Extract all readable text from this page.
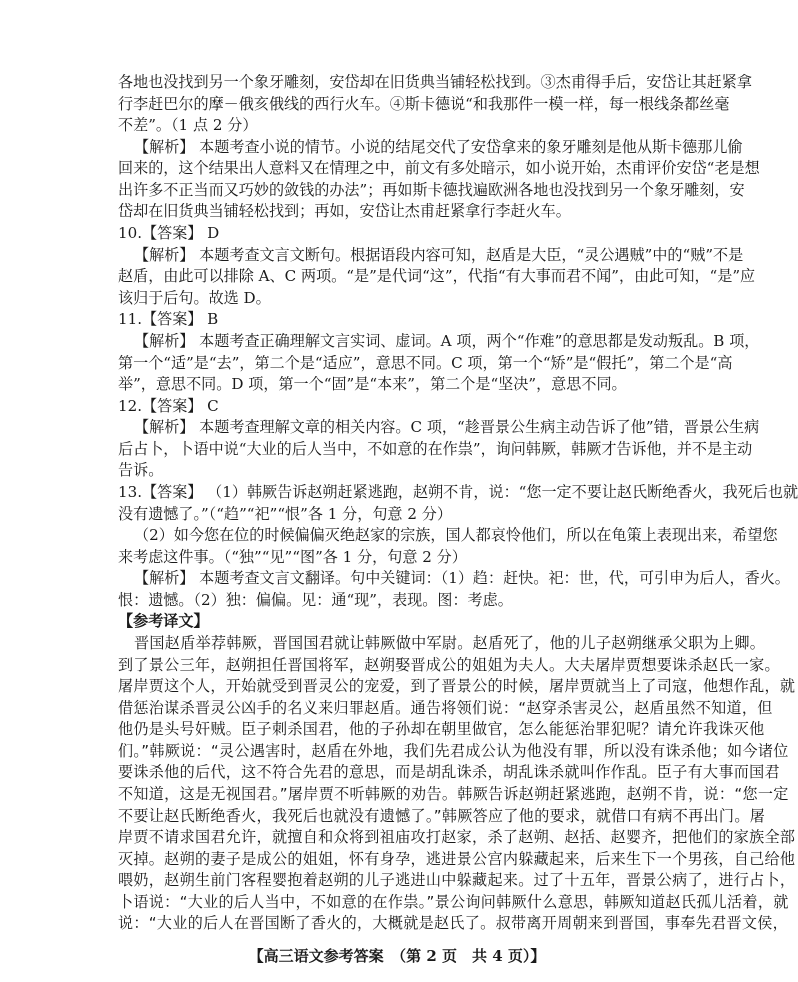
各地也没找到另一个象牙雕刻，安岱却在旧货典当铺轻松找到。③杰甫得手后，安岱让其赶紧拿
行李赶巴尔的摩－俄亥俄线的西行火车。④斯卡德说“和我那件一模一样，每一根线条都丝毫
不差”。（1 点 2 分）
【解析】 本题考查小说的情节。小说的结尾交代了安岱拿来的象牙雕刻是他从斯卡德那儿偷
回来的，这个结果出人意料又在情理之中，前文有多处暗示，如小说开始，杰甫评价安岱“老是想
出许多不正当而又巧妙的敛钱的办法”；再如斯卡德找遍欧洲各地也没找到另一个象牙雕刻，安
岱却在旧货典当铺轻松找到；再如，安岱让杰甫赶紧拿行李赶火车。
10.【答案】 D
【解析】 本题考查文言文断句。根据语段内容可知，赵盾是大臣，“灵公遇贼”中的“贼”不是
赵盾，由此可以排除 A、C 两项。“是”是代词“这”，代指“有大事而君不闻”，由此可知，“是”应
该归于后句。故选 D。
11.【答案】 B
【解析】 本题考查正确理解文言实词、虚词。A 项，两个“作难”的意思都是发动叛乱。B 项，
第一个“适”是“去”，第二个是“适应”，意思不同。C 项，第一个“矫”是“假托”，第二个是“高
举”，意思不同。D 项，第一个“固”是“本来”，第二个是“坚决”，意思不同。
12.【答案】 C
【解析】 本题考查理解文章的相关内容。C 项，“趁晋景公生病主动告诉了他”错，晋景公生病
后占卜，卜语中说“大业的后人当中，不如意的在作祟”，询问韩厥，韩厥才告诉他，并不是主动
告诉。
13.【答案】 （1）韩厥告诉赵朔赶紧逃跑，赵朔不肯，说：“您一定不要让赵氏断绝香火，我死后也就
没有遗憾了。”（“趋”“祀”“恨”各 1 分，句意 2 分）
（2）如今您在位的时候偏偏灭绝赵家的宗族，国人都哀怜他们，所以在龟策上表现出来，希望您
来考虑这件事。（“独”“见”“图”各 1 分，句意 2 分）
【解析】 本题考查文言文翻译。句中关键词：（1）趋：赶快。祀：世，代，可引申为后人，香火。
恨：遗憾。（2）独：偏偏。见：通“现”，表现。图：考虑。
【参考译文】
晋国赵盾举荐韩厥，晋国国君就让韩厥做中军尉。赵盾死了，他的儿子赵朔继承父职为上卿。
到了景公三年，赵朔担任晋国将军，赵朔娶晋成公的姐姐为夫人。大夫屠岸贾想要诛杀赵氏一家。
屠岸贾这个人，开始就受到晋灵公的宠爱，到了晋景公的时候，屠岸贾就当上了司寇，他想作乱，就
借惩治谋杀晋灵公凶手的名义来归罪赵盾。通告将领们说：“赵穿杀害灵公，赵盾虽然不知道，但
他仍是头号奸贼。臣子刺杀国君，他的子孙却在朝里做官，怎么能惩治罪犯呢？请允许我诛灭他
们。”韩厥说：“灵公遇害时，赵盾在外地，我们先君成公认为他没有罪，所以没有诛杀他；如今诸位
要诛杀他的后代，这不符合先君的意思，而是胡乱诛杀，胡乱诛杀就叫作作乱。臣子有大事而国君
不知道，这是无视国君。”屠岸贾不听韩厥的劝告。韩厥告诉赵朔赶紧逃跑，赵朔不肯，说：“您一定
不要让赵氏断绝香火，我死后也就没有遗憾了。”韩厥答应了他的要求，就借口有病不再出门。屠
岸贾不请求国君允许，就擅自和众将到祖庙攻打赵家，杀了赵朔、赵括、赵婴齐，把他们的家族全部
灭掉。赵朔的妻子是成公的姐姐，怀有身孕，逃进景公宫内躲藏起来，后来生下一个男孩，自己给他
喂奶，赵朔生前门客程婴抱着赵朔的儿子逃进山中躲藏起来。过了十五年，晋景公病了，进行占卜，
卜语说：“大业的后人当中，不如意的在作祟。”景公询问韩厥什么意思，韩厥知道赵氏孤儿活着，就
说：“大业的后人在晋国断了香火的，大概就是赵氏了。叔带离开周朝来到晋国，事奉先君晋文侯，
【高三语文参考答案　（第 2 页　共 4 页）】
